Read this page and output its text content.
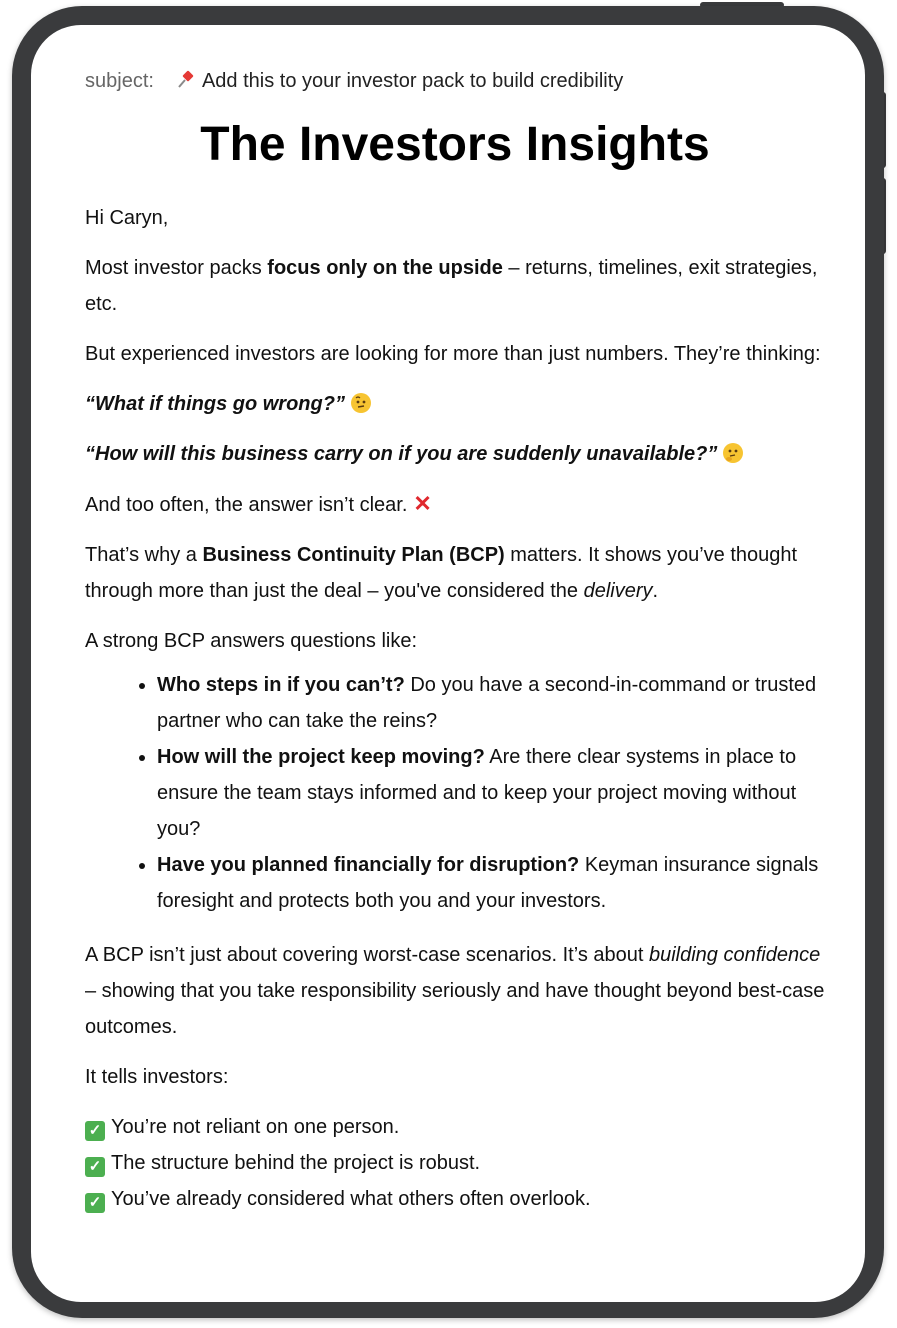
subject: Add this to your investor pack to build credibility
The Investors Insights

Hi Caryn,

Most investor packs focus only on the upside – returns, timelines, exit strategies, etc.

But experienced investors are looking for more than just numbers. They’re thinking:

“What if things go wrong?”

“How will this business carry on if you are suddenly unavailable?”

And too often, the answer isn’t clear. ✕

That’s why a Business Continuity Plan (BCP) matters. It shows you’ve thought through more than just the deal – you've considered the delivery.

A strong BCP answers questions like:

• Who steps in if you can’t? Do you have a second-in-command or trusted partner who can take the reins?
• How will the project keep moving? Are there clear systems in place to ensure the team stays informed and to keep your project moving without you?
• Have you planned financially for disruption? Keyman insurance signals foresight and protects both you and your investors.

A BCP isn’t just about covering worst-case scenarios. It’s about building confidence – showing that you take responsibility seriously and have thought beyond best-case outcomes.

It tells investors:

✓ You’re not reliant on one person.
✓ The structure behind the project is robust.
✓ You’ve already considered what others often overlook.
